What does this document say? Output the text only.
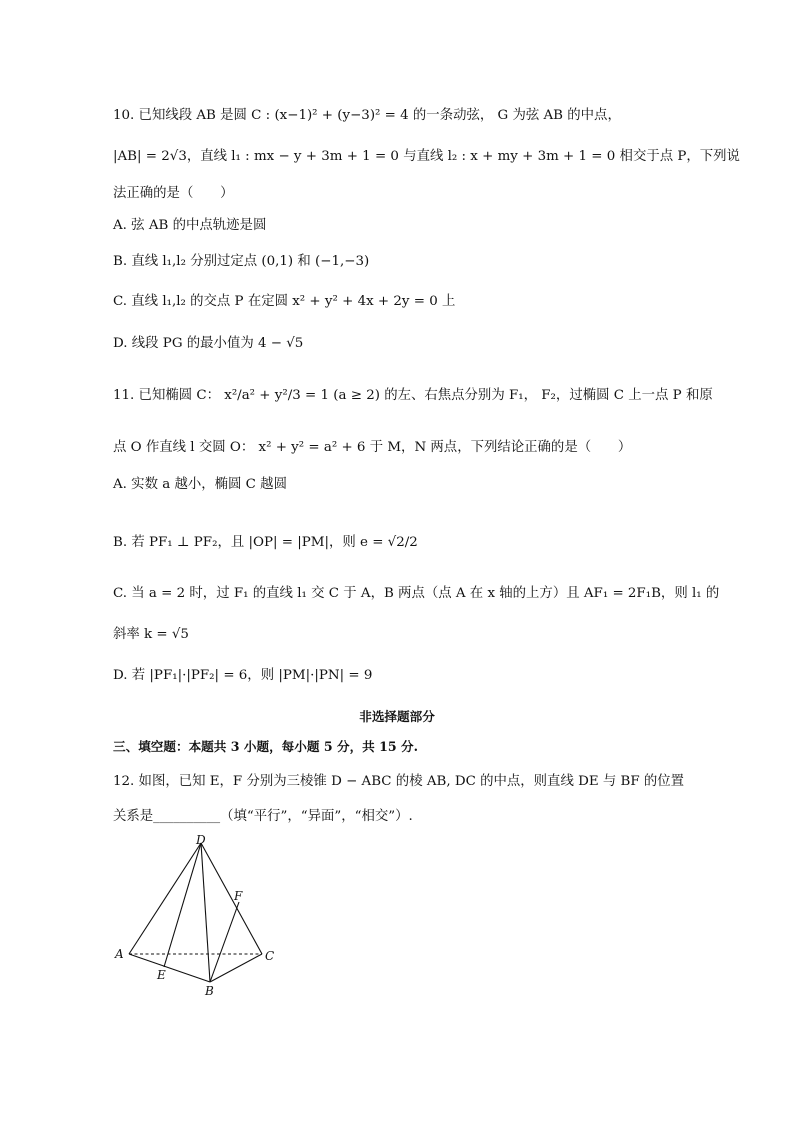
10. 已知线段 AB 是圆 C : (x−1)² + (y−3)² = 4 的一条动弦， G 为弦 AB 的中点，
|AB| = 2√3，直线 l₁ : mx − y + 3m + 1 = 0 与直线 l₂ : x + my + 3m + 1 = 0 相交于点 P，下列说
法正确的是（　　）
A. 弦 AB 的中点轨迹是圆
B. 直线 l₁,l₂ 分别过定点 (0,1) 和 (−1,−3)
C. 直线 l₁,l₂ 的交点 P 在定圆 x² + y² + 4x + 2y = 0 上
D. 线段 PG 的最小值为 4 − √5
11. 已知椭圆 C： x²/a² + y²/3 = 1 (a ≥ 2) 的左、右焦点分别为 F₁， F₂，过椭圆 C 上一点 P 和原
点 O 作直线 l 交圆 O： x² + y² = a² + 6 于 M，N 两点，下列结论正确的是（　　）
A. 实数 a 越小，椭圆 C 越圆
B. 若 PF₁ ⊥ PF₂，且 |OP| = |PM|，则 e = √2/2
C. 当 a = 2 时，过 F₁ 的直线 l₁ 交 C 于 A，B 两点（点 A 在 x 轴的上方）且 AF₁ = 2F₁B，则 l₁ 的
斜率 k = √5
D. 若 |PF₁|·|PF₂| = 6，则 |PM|·|PN| = 9
非选择题部分
三、填空题：本题共 3 小题，每小题 5 分，共 15 分.
12. 如图，已知 E，F 分别为三棱锥 D − ABC 的棱 AB, DC 的中点，则直线 DE 与 BF 的位置
关系是__________（填“平行”，“异面”，“相交”）.
D
F
A	C
E
B
